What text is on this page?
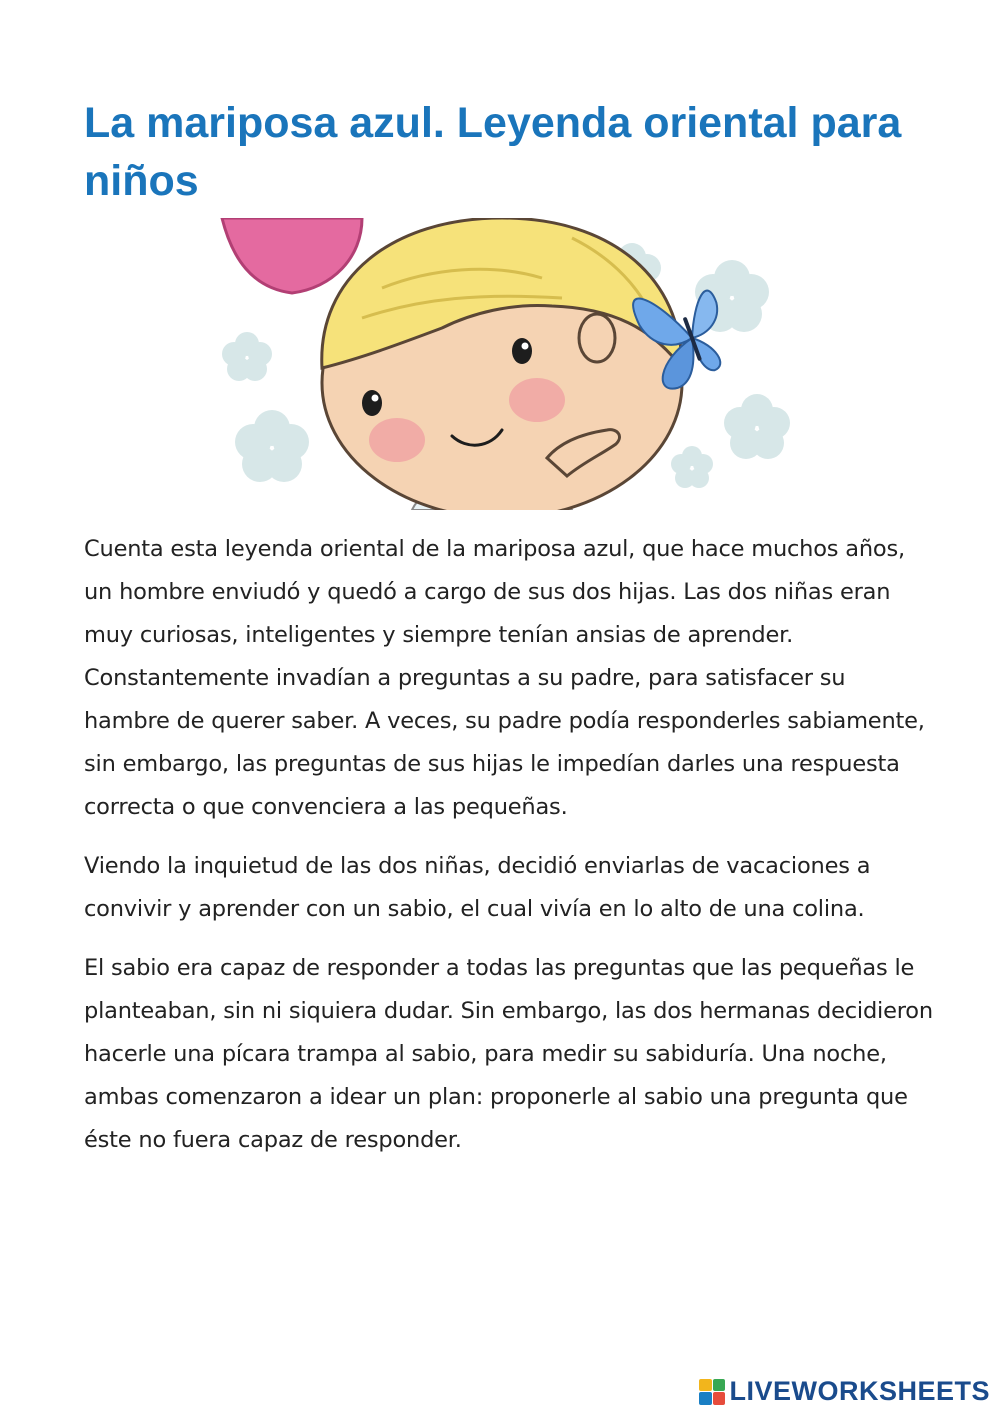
La mariposa azul. Leyenda oriental para niños

Cuenta esta leyenda oriental de la mariposa azul, que hace muchos años, un hombre enviudó y quedó a cargo de sus dos hijas. Las dos niñas eran muy curiosas, inteligentes y siempre tenían ansias de aprender. Constantemente invadían a preguntas a su padre, para satisfacer su hambre de querer saber. A veces, su padre podía responderles sabiamente, sin embargo, las preguntas de sus hijas le impedían darles una respuesta correcta o que convenciera a las pequeñas.

Viendo la inquietud de las dos niñas, decidió enviarlas de vacaciones a convivir y aprender con un sabio, el cual vivía en lo alto de una colina.

El sabio era capaz de responder a todas las preguntas que las pequeñas le planteaban, sin ni siquiera dudar. Sin embargo, las dos hermanas decidieron hacerle una pícara trampa al sabio, para medir su sabiduría. Una noche, ambas comenzaron a idear un plan: proponerle al sabio una pregunta que éste no fuera capaz de responder.

LIVEWORKSHEETS
